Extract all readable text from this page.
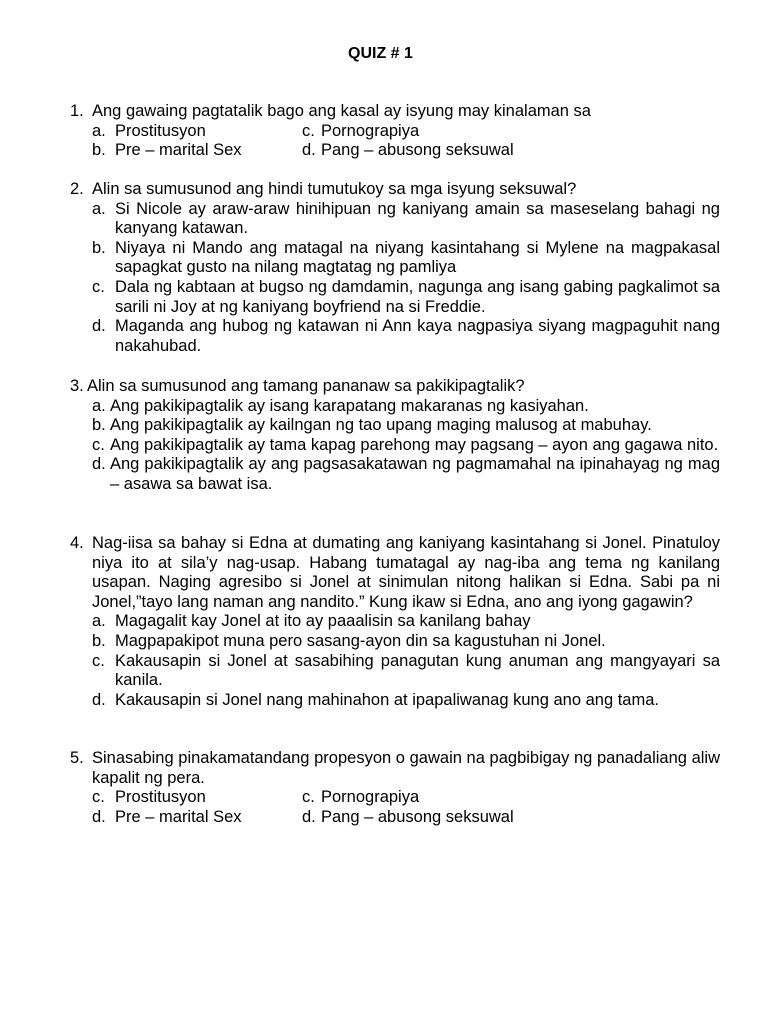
QUIZ # 1
1. Ang gawaing pagtatalik bago ang kasal ay isyung may kinalaman sa
a. Prostitusyon	c. Pornograpiya
b. Pre – marital Sex	d. Pang – abusong seksuwal
2. Alin sa sumusunod ang hindi tumutukoy sa mga isyung seksuwal?
a. Si Nicole ay araw-araw hinihipuan ng kaniyang amain sa maseselang bahagi ng kanyang katawan.
b. Niyaya ni Mando ang matagal na niyang kasintahang si Mylene na magpakasal sapagkat gusto na nilang magtatag ng pamliya
c. Dala ng kabtaan at bugso ng damdamin, nagunga ang isang gabing pagkalimot sa sarili ni Joy at ng kaniyang boyfriend na si Freddie.
d. Maganda ang hubog ng katawan ni Ann kaya nagpasiya siyang magpaguhit nang nakahubad.
3. Alin sa sumusunod ang tamang pananaw sa pakikipagtalik?
a. Ang pakikipagtalik ay isang karapatang makaranas ng kasiyahan.
b. Ang pakikipagtalik ay kailngan ng tao upang maging malusog at mabuhay.
c. Ang pakikipagtalik ay tama kapag parehong may pagsang – ayon ang gagawa nito.
d. Ang pakikipagtalik ay ang pagsasakatawan ng pagmamahal na ipinahayag ng mag – asawa sa bawat isa.
4. Nag-iisa sa bahay si Edna at dumating ang kaniyang kasintahang si Jonel. Pinatuloy niya ito at sila’y nag-usap. Habang tumatagal ay nag-iba ang tema ng kanilang usapan. Naging agresibo si Jonel at sinimulan nitong halikan si Edna. Sabi pa ni Jonel,”tayo lang naman ang nandito.” Kung ikaw si Edna, ano ang iyong gagawin?
a. Magagalit kay Jonel at ito ay paaalisin sa kanilang bahay
b. Magpapakipot muna pero sasang-ayon din sa kagustuhan ni Jonel.
c. Kakausapin si Jonel at sasabihing panagutan kung anuman ang mangyayari sa kanila.
d. Kakausapin si Jonel nang mahinahon at ipapaliwanag kung ano ang tama.
5. Sinasabing pinakamatandang propesyon o gawain na pagbibigay ng panadaliang aliw kapalit ng pera.
c. Prostitusyon	c. Pornograpiya
d. Pre – marital Sex	d. Pang – abusong seksuwal
